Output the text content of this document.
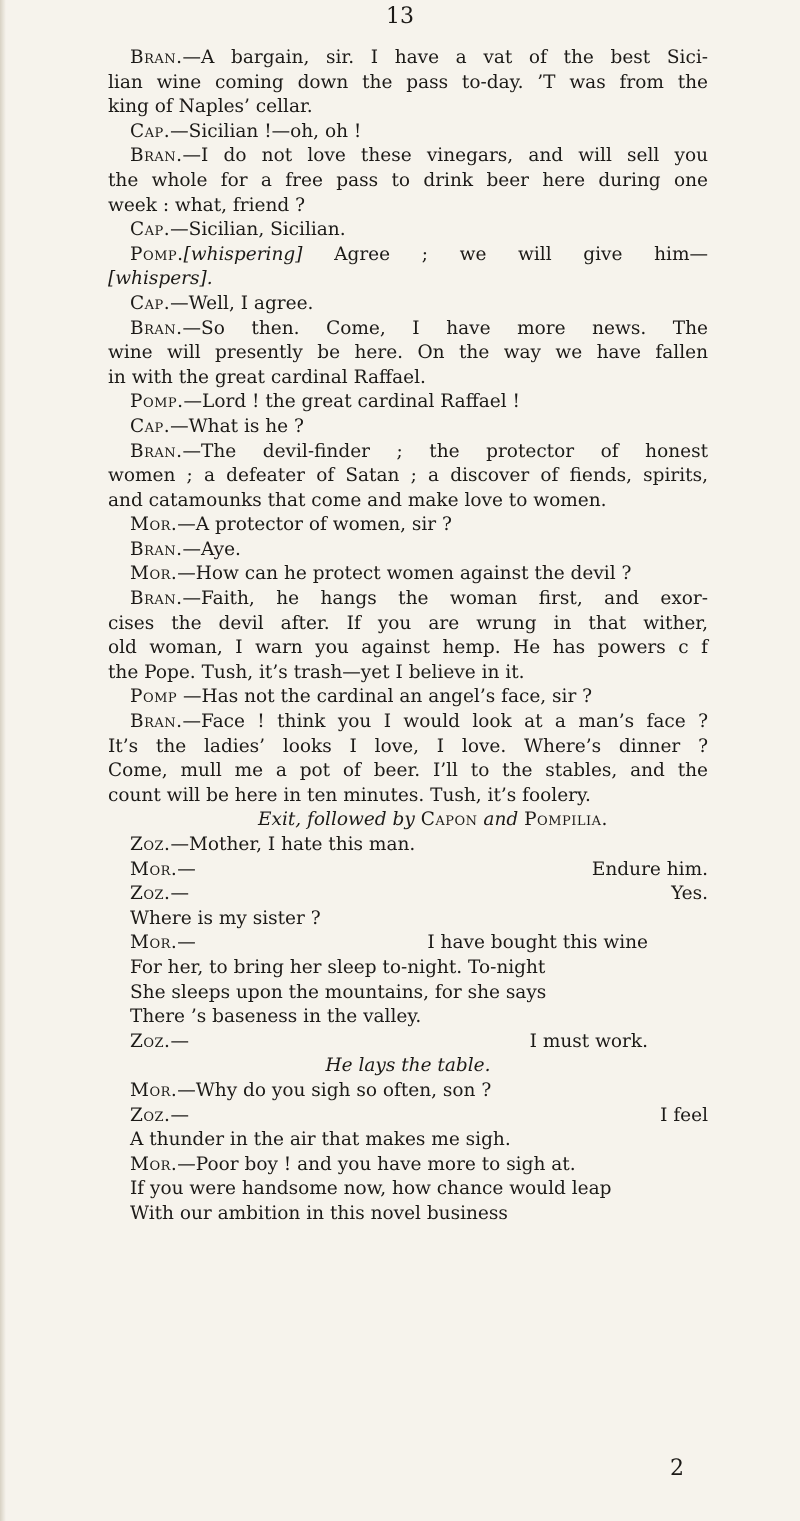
13
Bran.—A bargain, sir. I have a vat of the best Sici-
lian wine coming down the pass to-day. ’T was from the
king of Naples’ cellar.
Cap.—Sicilian !—oh, oh !
Bran.—I do not love these vinegars, and will sell you
the whole for a free pass to drink beer here during one
week : what, friend ?
Cap.—Sicilian, Sicilian.
Pomp.[whispering] Agree ; we will give him—
[whispers].
Cap.—Well, I agree.
Bran.—So then. Come, I have more news. The
wine will presently be here. On the way we have fallen
in with the great cardinal Raffael.
Pomp.—Lord ! the great cardinal Raffael !
Cap.—What is he ?
Bran.—The devil-finder ; the protector of honest
women ; a defeater of Satan ; a discover of fiends, spirits,
and catamounks that come and make love to women.
Mor.—A protector of women, sir ?
Bran.—Aye.
Mor.—How can he protect women against the devil ?
Bran.—Faith, he hangs the woman first, and exor-
cises the devil after. If you are wrung in that wither,
old woman, I warn you against hemp. He has powers c f
the Pope. Tush, it’s trash—yet I believe in it.
Pomp —Has not the cardinal an angel’s face, sir ?
Bran.—Face ! think you I would look at a man’s face ?
It’s the ladies’ looks I love, I love. Where’s dinner ?
Come, mull me a pot of beer. I’ll to the stables, and the
count will be here in ten minutes. Tush, it’s foolery.
Exit, followed by Capon and Pompilia.
Zoz.—Mother, I hate this man.
Mor.—	Endure him.
Zoz.—	Yes.
Where is my sister ?
Mor.—	I have bought this wine
For her, to bring her sleep to-night. To-night
She sleeps upon the mountains, for she says
There ’s baseness in the valley.
Zoz.—	I must work.
He lays the table.
Mor.—Why do you sigh so often, son ?
Zoz.—	I feel
A thunder in the air that makes me sigh.
Mor.—Poor boy ! and you have more to sigh at.
If you were handsome now, how chance would leap
With our ambition in this novel business
2
